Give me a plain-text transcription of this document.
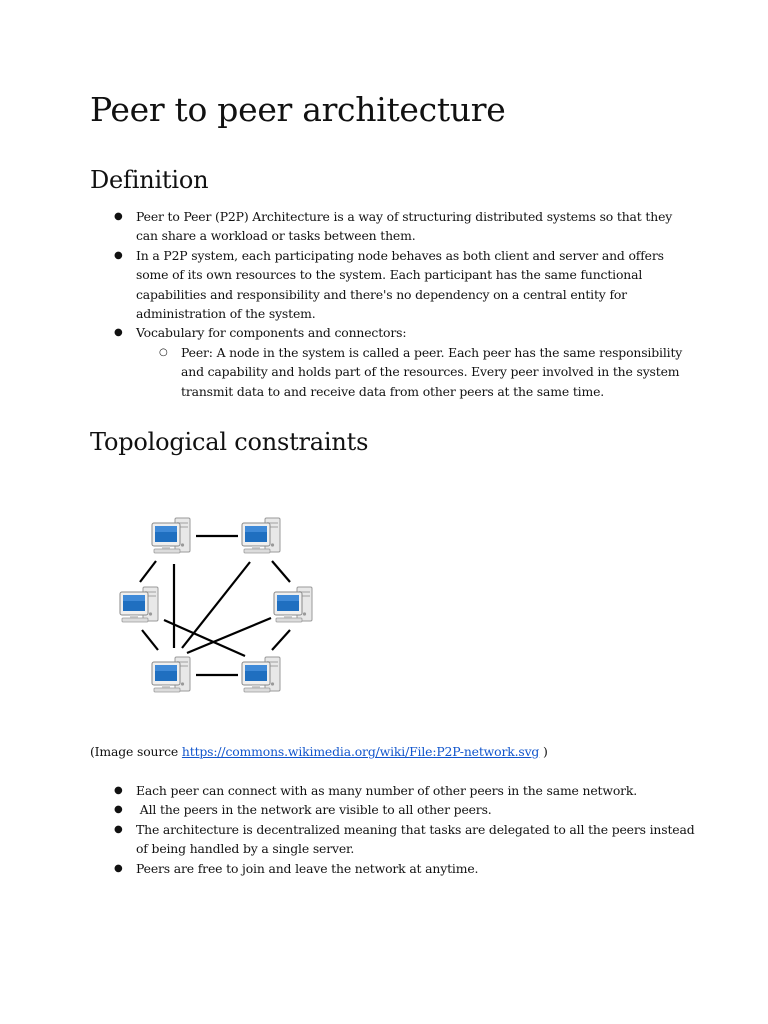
Peer to peer architecture
Definition
● Peer to Peer (P2P) Architecture is a way of structuring distributed systems so that they can share a workload or tasks between them.
● In a P2P system, each participating node behaves as both client and server and offers some of its own resources to the system. Each participant has the same functional capabilities and responsibility and there's no dependency on a central entity for administration of the system.
● Vocabulary for components and connectors:
○ Peer: A node in the system is called a peer. Each peer has the same responsibility and capability and holds part of the resources. Every peer involved in the system transmit data to and receive data from other peers at the same time.
Topological constraints
(Image source https://commons.wikimedia.org/wiki/File:P2P-network.svg )
● Each peer can connect with as many number of other peers in the same network.
● All the peers in the network are visible to all other peers.
● The architecture is decentralized meaning that tasks are delegated to all the peers instead of being handled by a single server.
● Peers are free to join and leave the network at anytime.
